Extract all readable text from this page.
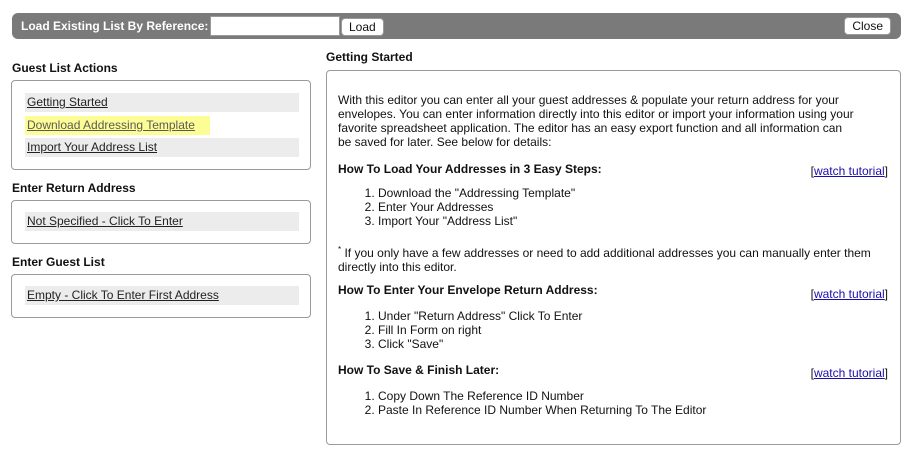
Load Existing List By Reference:	Load	Close
Guest List Actions
Getting Started
Download Addressing Template
Import Your Address List
Enter Return Address
Not Specified - Click To Enter
Enter Guest List
Empty - Click To Enter First Address
Getting Started
With this editor you can enter all your guest addresses & populate your return address for your envelopes. You can enter information directly into this editor or import your information using your favorite spreadsheet application. The editor has an easy export function and all information can be saved for later. See below for details:
How To Load Your Addresses in 3 Easy Steps:	[watch tutorial]
1. Download the "Addressing Template"
2. Enter Your Addresses
3. Import Your "Address List"
* If you only have a few addresses or need to add additional addresses you can manually enter them directly into this editor.
How To Enter Your Envelope Return Address:	[watch tutorial]
1. Under "Return Address" Click To Enter
2. Fill In Form on right
3. Click "Save"
How To Save & Finish Later:	[watch tutorial]
1. Copy Down The Reference ID Number
2. Paste In Reference ID Number When Returning To The Editor
